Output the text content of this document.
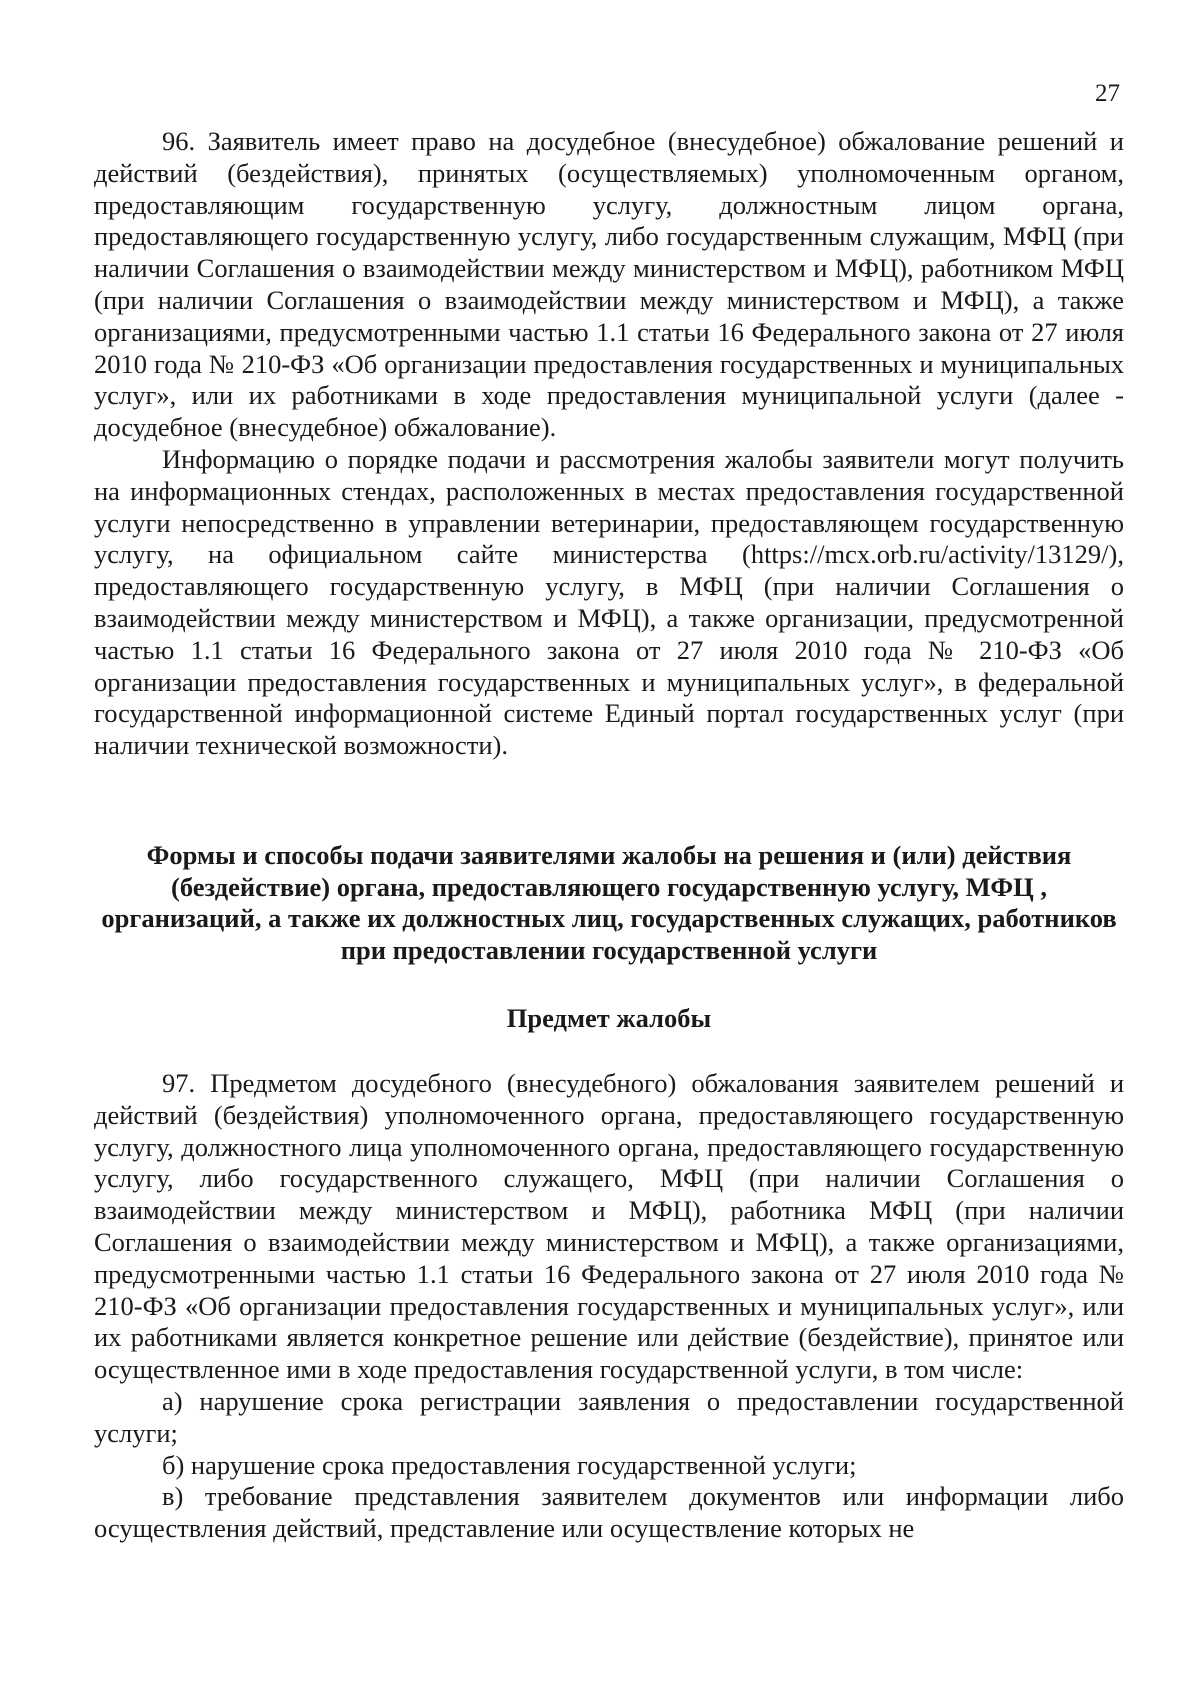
27

96. Заявитель имеет право на досудебное (внесудебное) обжалование решений и действий (бездействия), принятых (осуществляемых) уполномоченным органом, предоставляющим государственную услугу, должностным лицом органа, предоставляющего государственную услугу, либо государственным служащим, МФЦ (при наличии Соглашения о взаимодействии между министерством и МФЦ), работником МФЦ (при наличии Соглашения о взаимодействии между министерством и МФЦ), а также организациями, предусмотренными частью 1.1 статьи 16 Федерального закона от 27 июля 2010 года № 210-ФЗ «Об организации предоставления государственных и муниципальных услуг», или их работниками в ходе предоставления муниципальной услуги (далее - досудебное (внесудебное) обжалование).

Информацию о порядке подачи и рассмотрения жалобы заявители могут получить на информационных стендах, расположенных в местах предоставления государственной услуги непосредственно в управлении ветеринарии, предоставляющем государственную услугу, на официальном сайте министерства (https://mcx.orb.ru/activity/13129/), предоставляющего государственную услугу, в МФЦ (при наличии Соглашения о взаимодействии между министерством и МФЦ), а также организации, предусмотренной частью 1.1 статьи 16 Федерального закона от 27 июля 2010 года № 210-ФЗ «Об организации предоставления государственных и муниципальных услуг», в федеральной государственной информационной системе Единый портал государственных услуг (при наличии технической возможности).

Формы и способы подачи заявителями жалобы на решения и (или) действия (бездействие) органа, предоставляющего государственную услугу, МФЦ , организаций, а также их должностных лиц, государственных служащих, работников при предоставлении государственной услуги
Предмет жалобы

97. Предметом досудебного (внесудебного) обжалования заявителем решений и действий (бездействия) уполномоченного органа, предоставляющего государственную услугу, должностного лица уполномоченного органа, предоставляющего государственную услугу, либо государственного служащего, МФЦ (при наличии Соглашения о взаимодействии между министерством и МФЦ), работника МФЦ (при наличии Соглашения о взаимодействии между министерством и МФЦ), а также организациями, предусмотренными частью 1.1 статьи 16 Федерального закона от 27 июля 2010 года № 210-ФЗ «Об организации предоставления государственных и муниципальных услуг», или их работниками является конкретное решение или действие (бездействие), принятое или осуществленное ими в ходе предоставления государственной услуги, в том числе:

а) нарушение срока регистрации заявления о предоставлении государственной услуги;

б) нарушение срока предоставления государственной услуги;

в) требование представления заявителем документов или информации либо осуществления действий, представление или осуществление которых не
